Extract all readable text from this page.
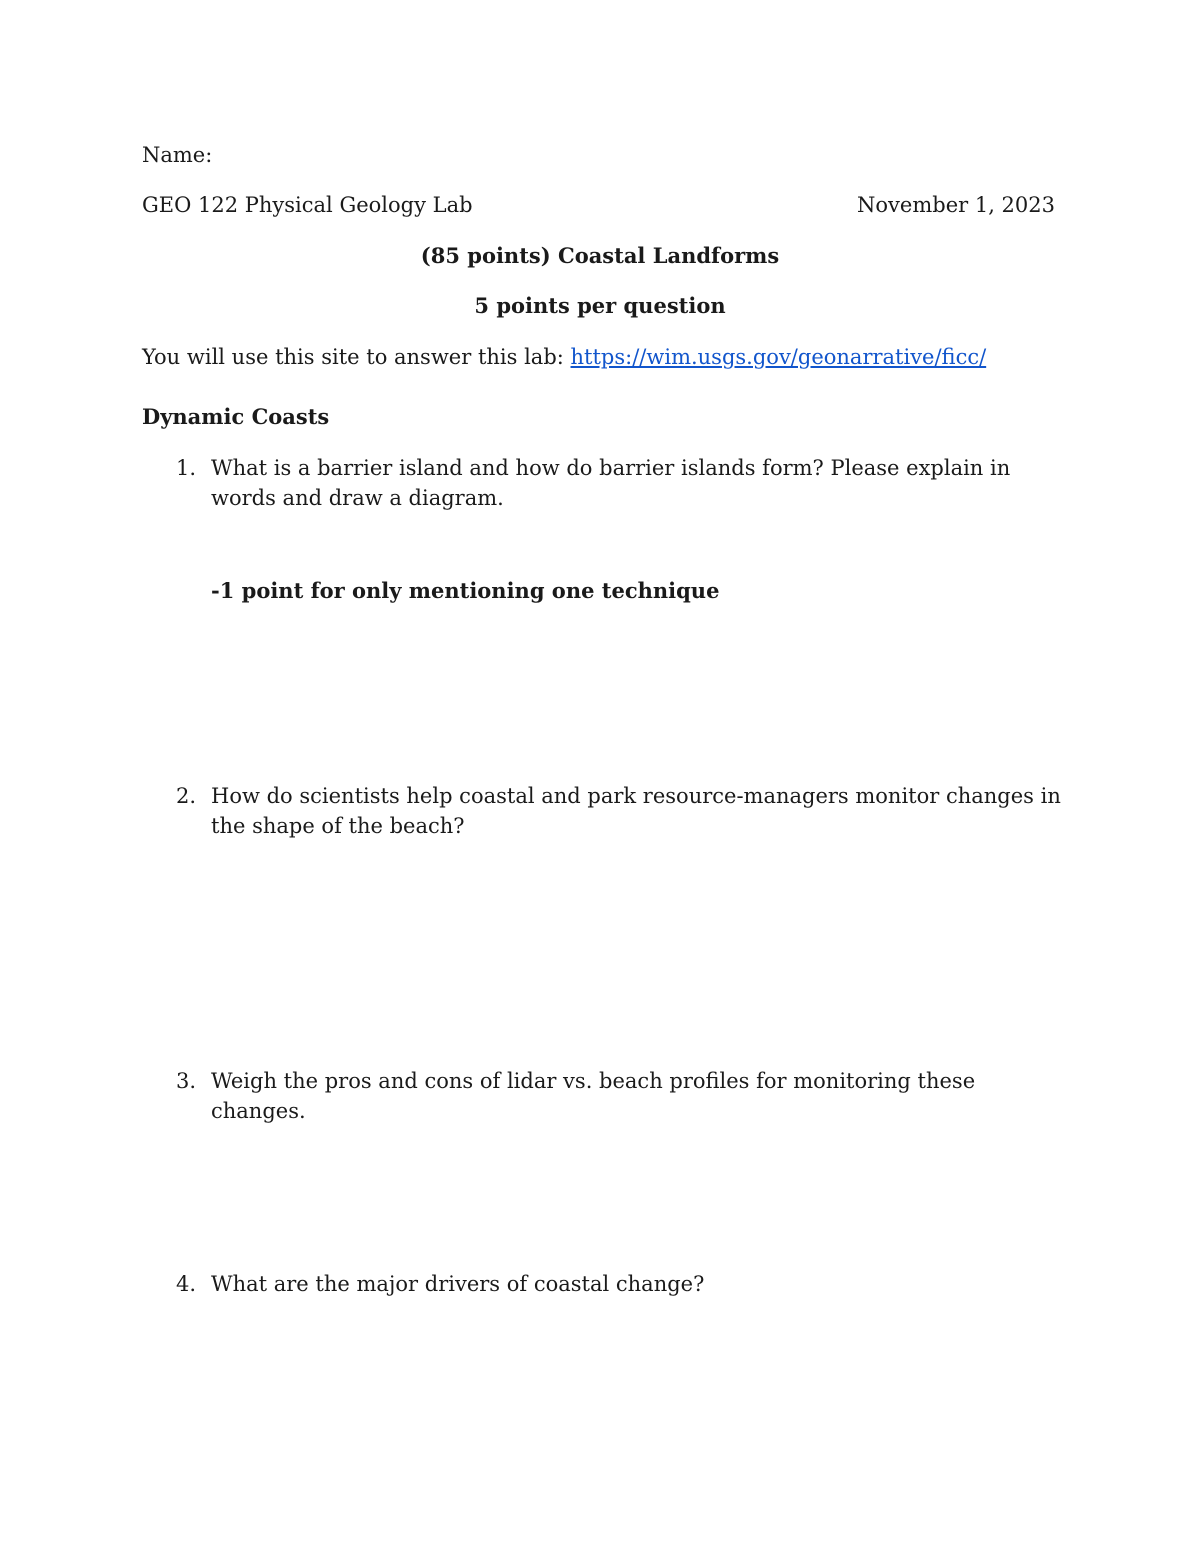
Name:
GEO 122 Physical Geology Lab	November 1, 2023
(85 points) Coastal Landforms
5 points per question
You will use this site to answer this lab: https://wim.usgs.gov/geonarrative/ficc/
Dynamic Coasts
1. What is a barrier island and how do barrier islands form? Please explain in words and draw a diagram.
-1 point for only mentioning one technique
2. How do scientists help coastal and park resource-managers monitor changes in the shape of the beach?
3. Weigh the pros and cons of lidar vs. beach profiles for monitoring these changes.
4. What are the major drivers of coastal change?
